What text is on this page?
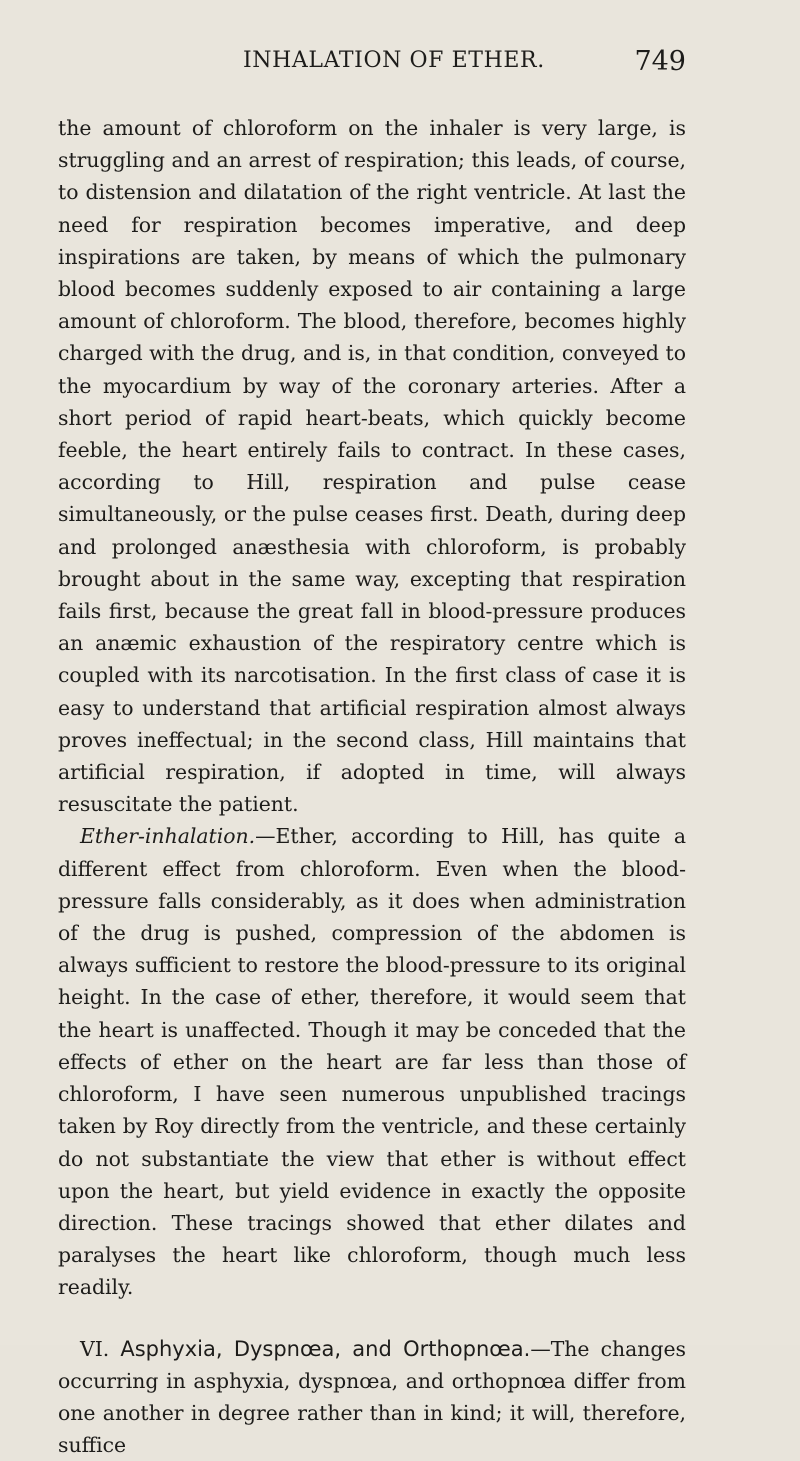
INHALATION OF ETHER.	749

the amount of chloroform on the inhaler is very large, is struggling and an arrest of respiration; this leads, of course, to distension and dilatation of the right ventricle. At last the need for respiration becomes imperative, and deep inspirations are taken, by means of which the pulmonary blood becomes suddenly exposed to air containing a large amount of chloroform. The blood, therefore, becomes highly charged with the drug, and is, in that condition, conveyed to the myocardium by way of the coronary arteries. After a short period of rapid heart-beats, which quickly become feeble, the heart entirely fails to contract. In these cases, according to Hill, respiration and pulse cease simultaneously, or the pulse ceases first. Death, during deep and prolonged anæsthesia with chloroform, is probably brought about in the same way, excepting that respiration fails first, because the great fall in blood-pressure produces an anæmic exhaustion of the respiratory centre which is coupled with its narcotisation. In the first class of case it is easy to understand that artificial respiration almost always proves ineffectual; in the second class, Hill maintains that artificial respiration, if adopted in time, will always resuscitate the patient.

Ether-inhalation.—Ether, according to Hill, has quite a different effect from chloroform. Even when the blood-pressure falls considerably, as it does when administration of the drug is pushed, compression of the abdomen is always sufficient to restore the blood-pressure to its original height. In the case of ether, therefore, it would seem that the heart is unaffected. Though it may be conceded that the effects of ether on the heart are far less than those of chloroform, I have seen numerous unpublished tracings taken by Roy directly from the ventricle, and these certainly do not substantiate the view that ether is without effect upon the heart, but yield evidence in exactly the opposite direction. These tracings showed that ether dilates and paralyses the heart like chloroform, though much less readily.

VI. Asphyxia, Dyspnœa, and Orthopnœa.—The changes occurring in asphyxia, dyspnœa, and orthopnœa differ from one another in degree rather than in kind; it will, therefore, suffice
